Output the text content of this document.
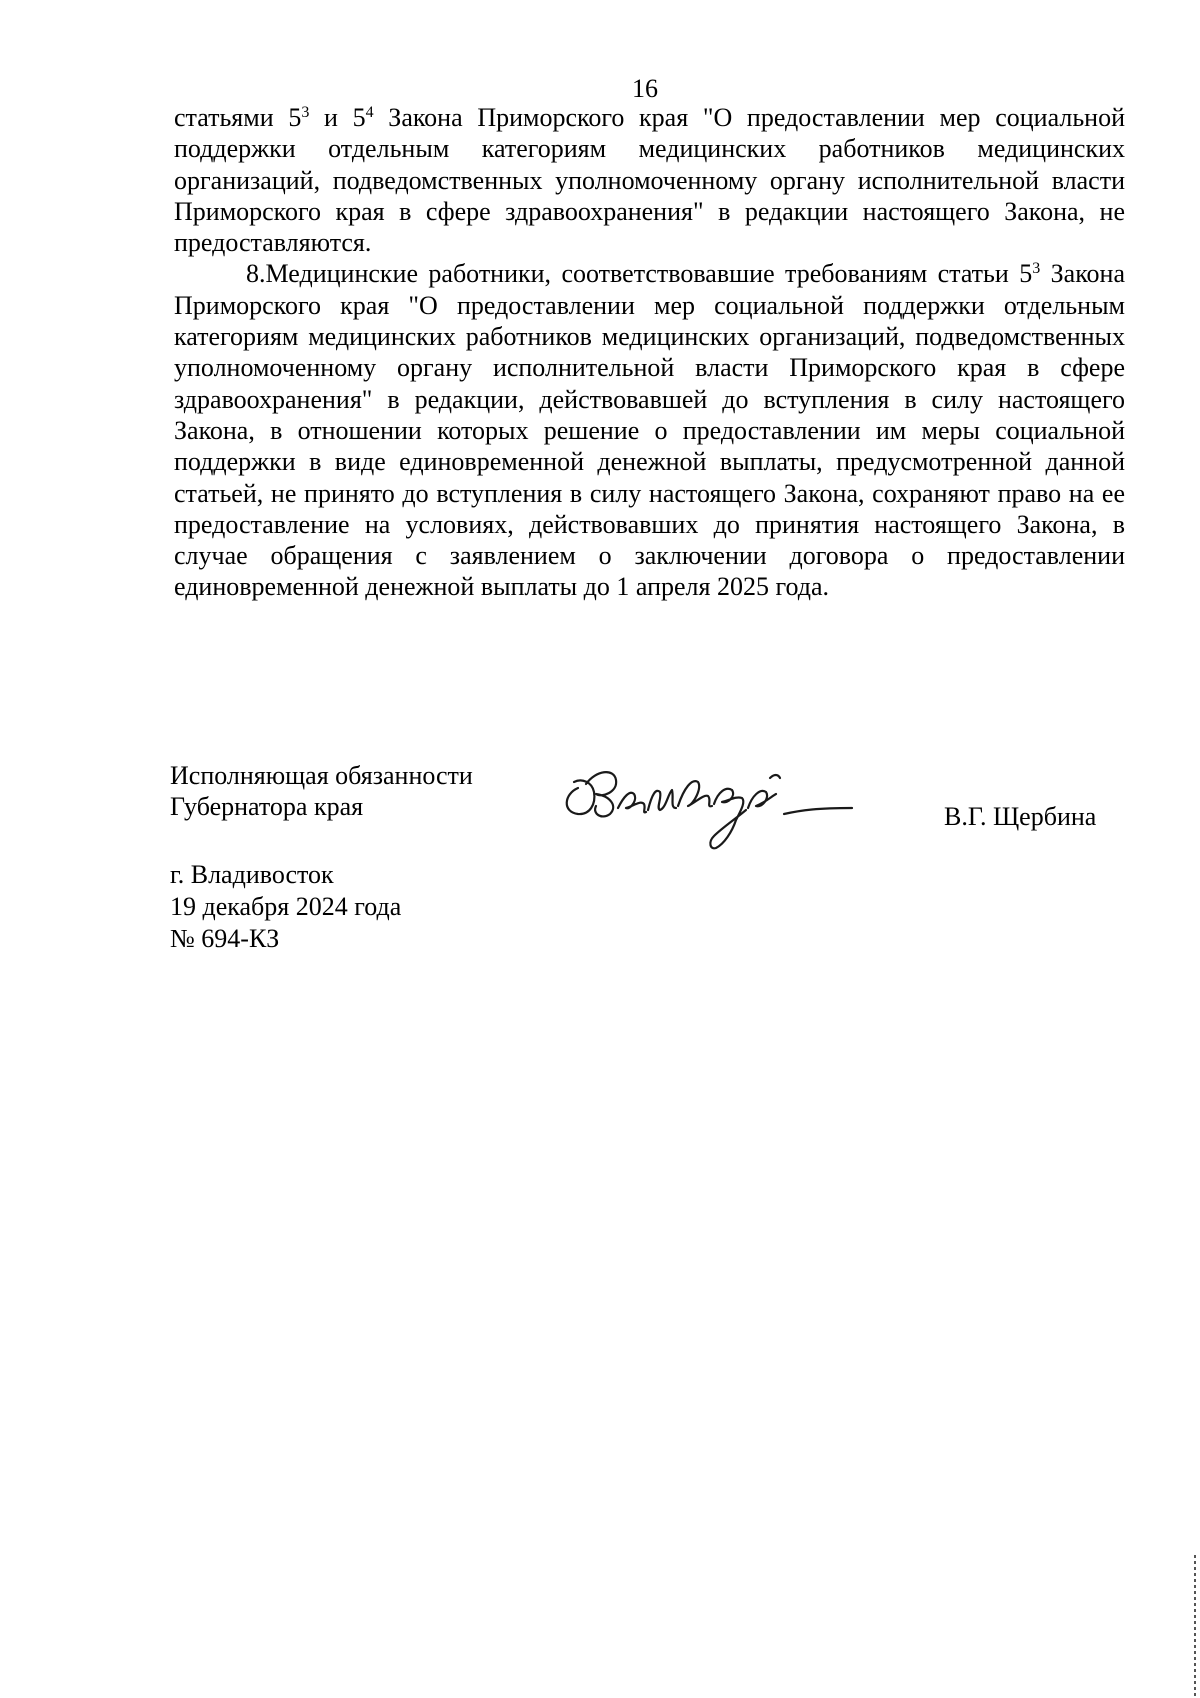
16

статьями $5^3$ и $5^4$ Закона Приморского края "О предоставлении мер социальной поддержки отдельным категориям медицинских работников медицинских организаций, подведомственных уполномоченному органу исполнительной власти Приморского края в сфере здравоохранения" в редакции настоящего Закона, не предоставляются.

8.Медицинские работники, соответствовавшие требованиям статьи $5^3$ Закона Приморского края "О предоставлении мер социальной поддержки отдельным категориям медицинских работников медицинских организаций, подведомственных уполномоченному органу исполнительной власти Приморского края в сфере здравоохранения" в редакции, действовавшей до вступления в силу настоящего Закона, в отношении которых решение о предоставлении им меры социальной поддержки в виде единовременной денежной выплаты, предусмотренной данной статьей, не принято до вступления в силу настоящего Закона, сохраняют право на ее предоставление на условиях, действовавших до принятия настоящего Закона, в случае обращения с заявлением о заключении договора о предоставлении единовременной денежной выплаты до 1 апреля 2025 года.

Исполняющая обязанности
Губернатора края	В.Г. Щербина
г. Владивосток
19 декабря 2024 года
№ 694-КЗ
